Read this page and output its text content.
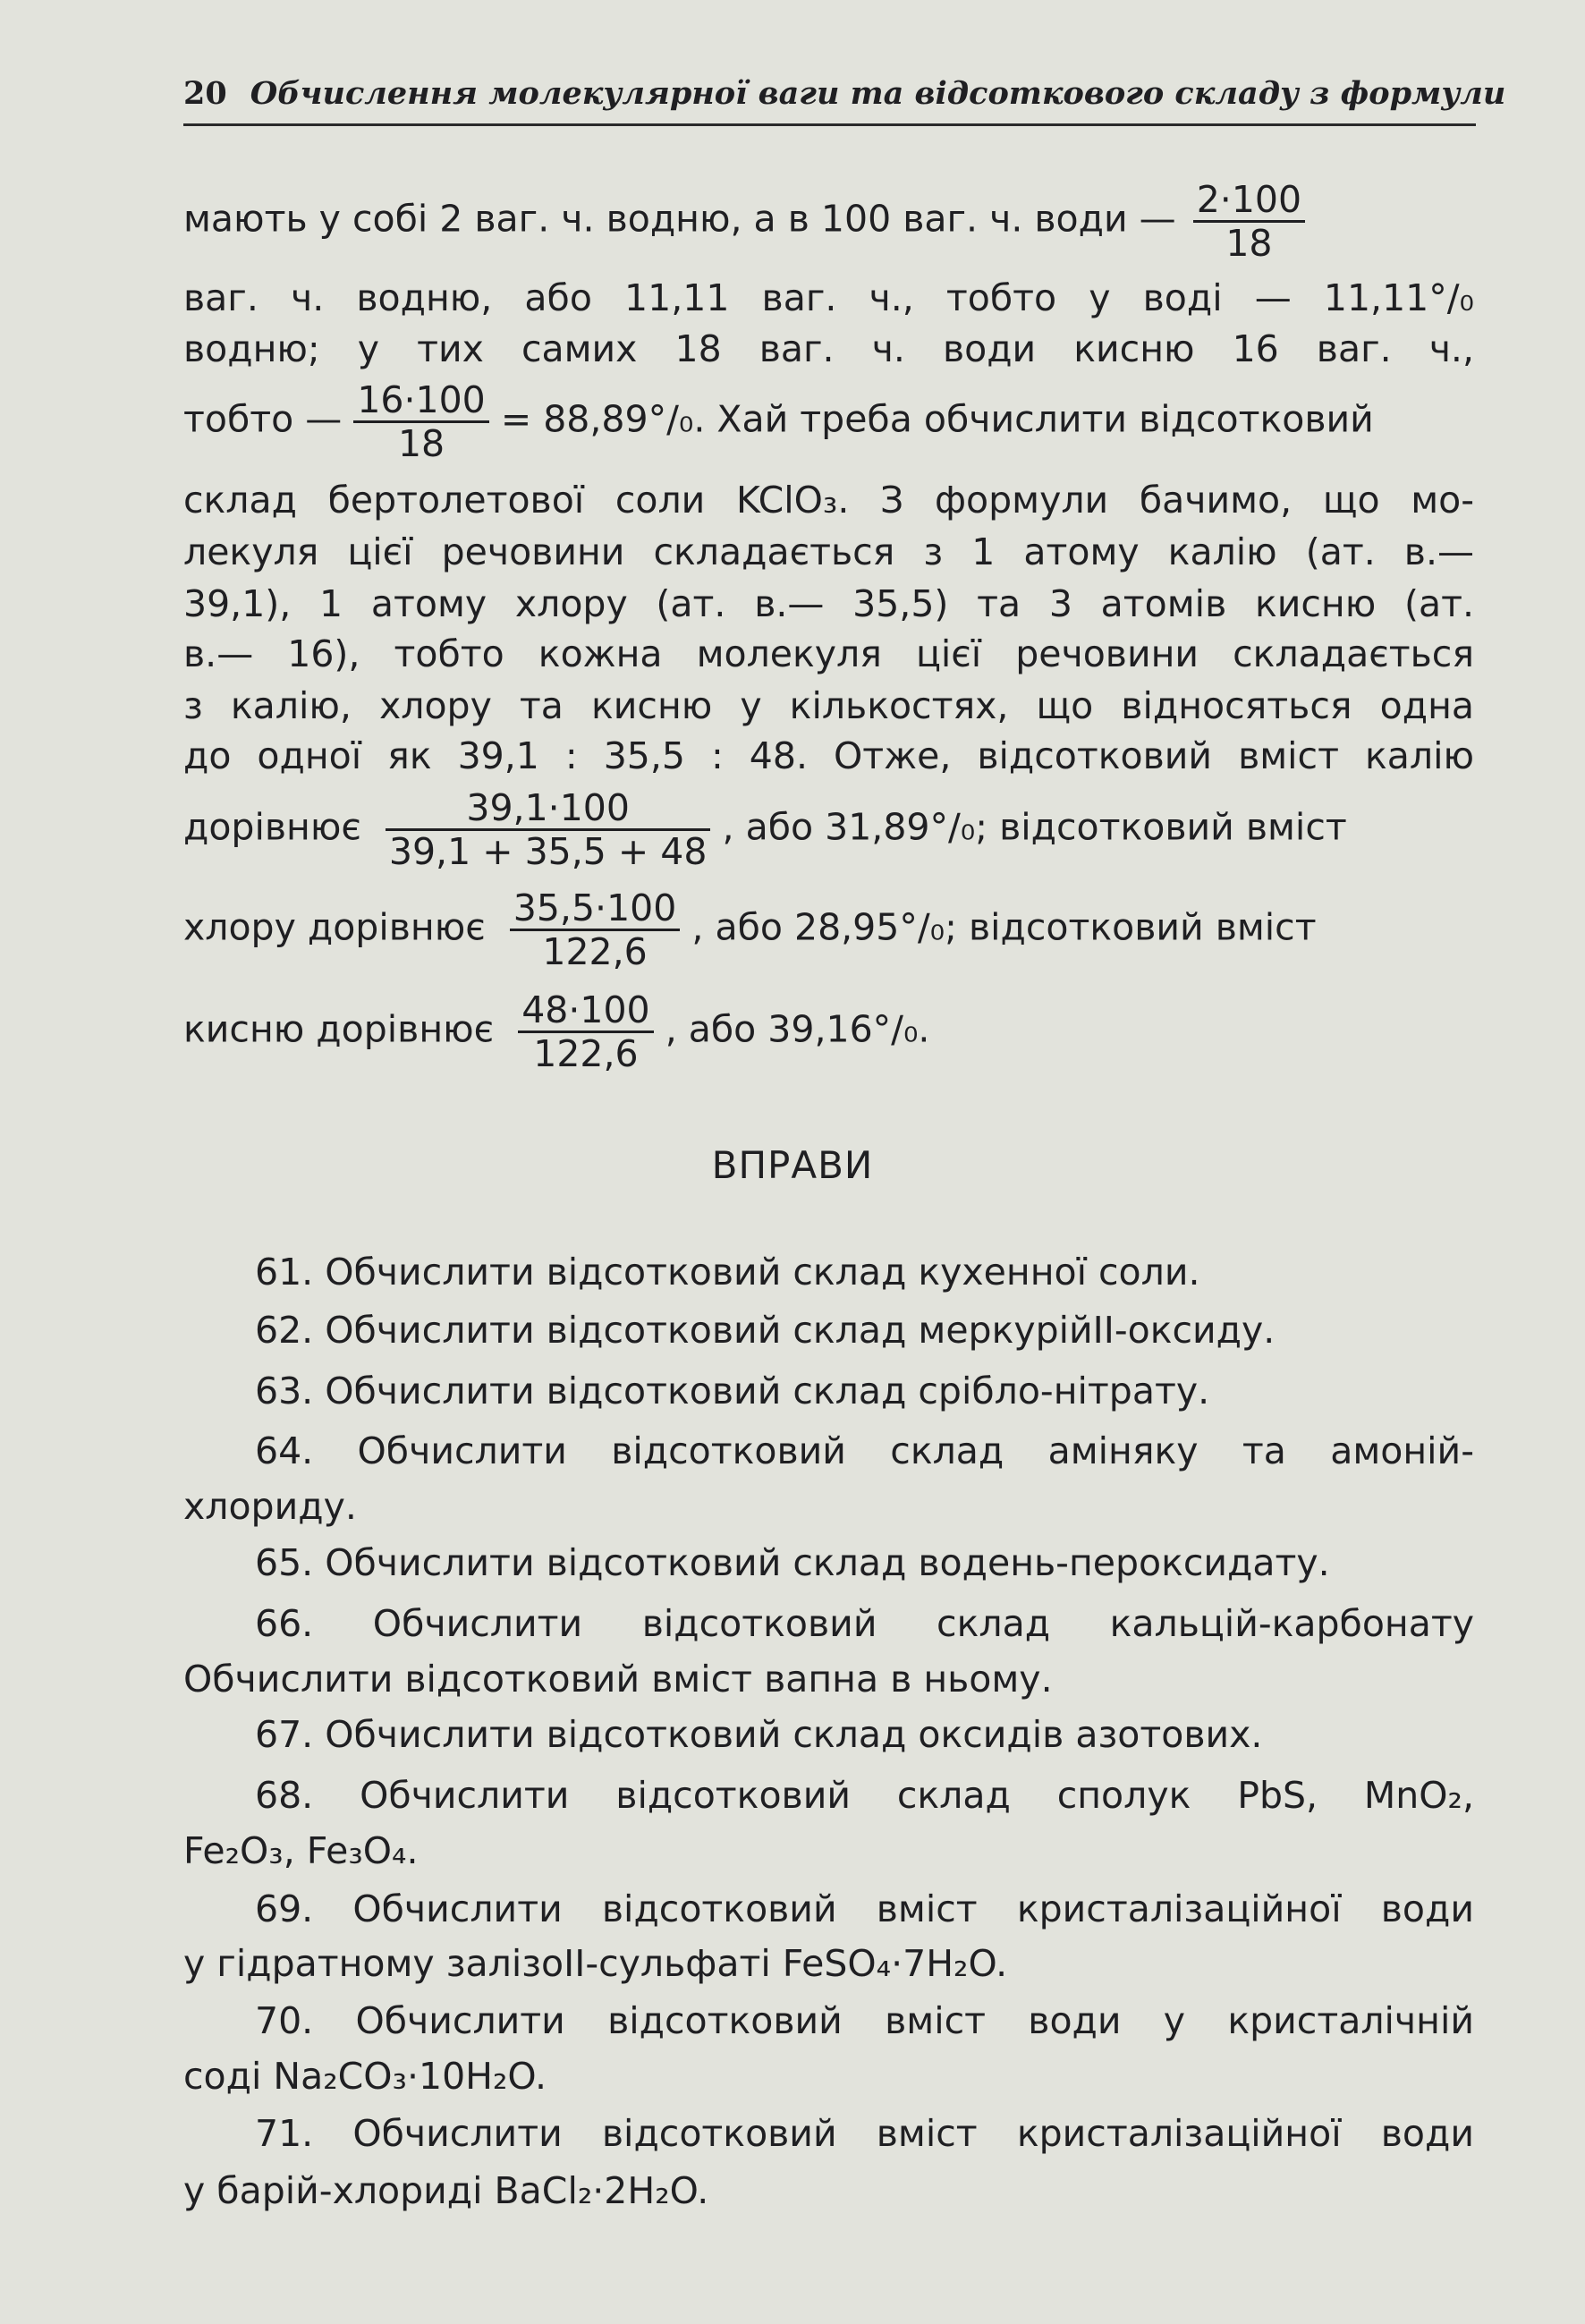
20 Обчислення молекулярної ваги та відсоткового складу з формули
мають у собі 2 ваг. ч. водню, а в 100 ваг. ч. води — $\frac{2\cdot 100}{18}$
ваг. ч. водню, або 11,11 ваг. ч., тобто у воді — 11,11°/₀
водню; у тих самих 18 ваг. ч. води кисню 16 ваг. ч.,
тобто — $\frac{16\cdot 100}{18} = 88,89^\circ/_0$. Хай треба обчислити відсотковий
склад бертолетової соли KClO₃. З формули бачимо, що мо-
лекуля цієї речовини складається з 1 атому калію (ат. в.—
39,1), 1 атому хлору (ат. в.— 35,5) та 3 атомів кисню (ат.
в.— 16), тобто кожна молекуля цієї речовини складається
з калію, хлору та кисню у кількостях, що відносяться одна
до одної як 39,1 : 35,5 : 48. Отже, відсотковий вміст калію
дорівнює $\frac{39,1\cdot 100}{39,1 + 35,5 + 48}$ , або 31,89°/₀; відсотковий вміст
хлору дорівнює $\frac{35,5\cdot 100}{122,6}$ , або 28,95°/₀; відсотковий вміст
кисню дорівнює $\frac{48\cdot 100}{122,6}$ , або 39,16°/₀.
ВПРАВИ
61. Обчислити відсотковий склад кухенної соли.
62. Обчислити відсотковий склад меркурійII-оксиду.
63. Обчислити відсотковий склад срібло-нітрату.
64. Обчислити відсотковий склад аміняку та амоній-
хлориду.
65. Обчислити відсотковий склад водень-пероксидату.
66. Обчислити відсотковий склад кальцій-карбонату
Обчислити відсотковий вміст вапна в ньому.
67. Обчислити відсотковий склад оксидів азотових.
68. Обчислити відсотковий склад сполук PbS, MnO₂,
Fe₂O₃, Fe₃O₄.
69. Обчислити відсотковий вміст кристалізаційної води
у гідратному залізоII-сульфаті FeSO₄·7H₂O.
70. Обчислити відсотковий вміст води у кристалічній
соді Na₂CO₃·10H₂O.
71. Обчислити відсотковий вміст кристалізаційної води
у барій-хлориді BaCl₂·2H₂O.
